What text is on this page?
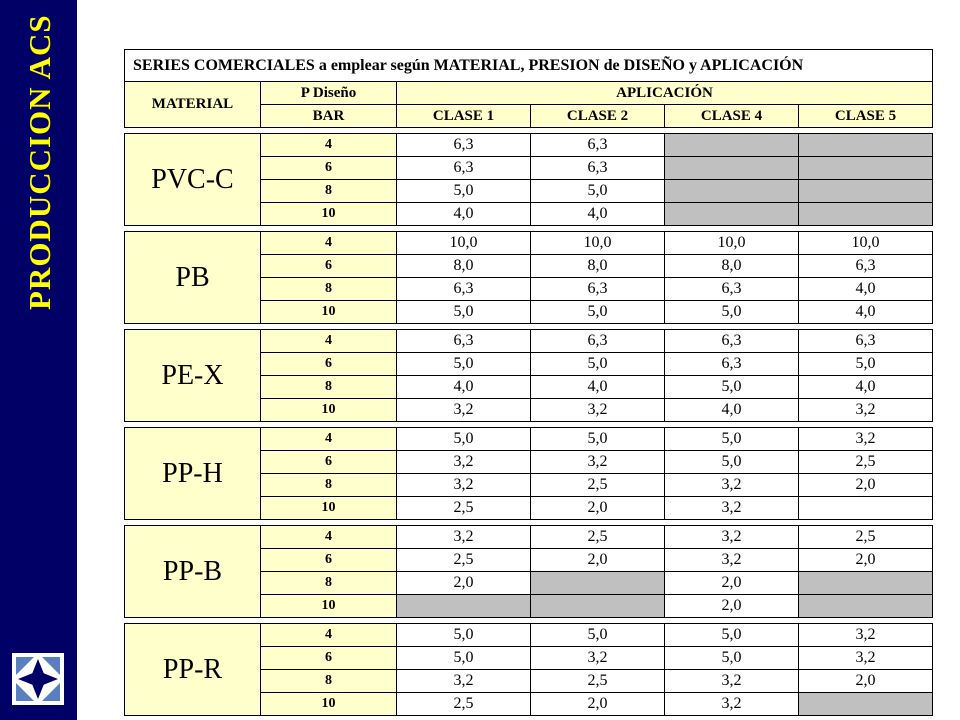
PRODUCCION ACS	SERIES COMERCIALES a emplear según MATERIAL, PRESION de DISEÑO y APLICACIÓN					
MATERIAL	P Diseño	APLICACIÓN			
	BAR	CLASE 1	CLASE 2	CLASE 4	CLASE 5

PVC-C	4	6,3	6,3		
	6	6,3	6,3		
	8	5,0	5,0		
	10	4,0	4,0		

PB	4	10,0	10,0	10,0	10,0
	6	8,0	8,0	8,0	6,3
	8	6,3	6,3	6,3	4,0
	10	5,0	5,0	5,0	4,0

PE-X	4	6,3	6,3	6,3	6,3
	6	5,0	5,0	6,3	5,0
	8	4,0	4,0	5,0	4,0
	10	3,2	3,2	4,0	3,2

PP-H	4	5,0	5,0	5,0	3,2
	6	3,2	3,2	5,0	2,5
	8	3,2	2,5	3,2	2,0
	10	2,5	2,0	3,2	

PP-B	4	3,2	2,5	3,2	2,5
	6	2,5	2,0	3,2	2,0
	8	2,0		2,0	
	10			2,0	

PP-R	4	5,0	5,0	5,0	3,2
	6	5,0	3,2	5,0	3,2
	8	3,2	2,5	3,2	2,0
	10	2,5	2,0	3,2	
